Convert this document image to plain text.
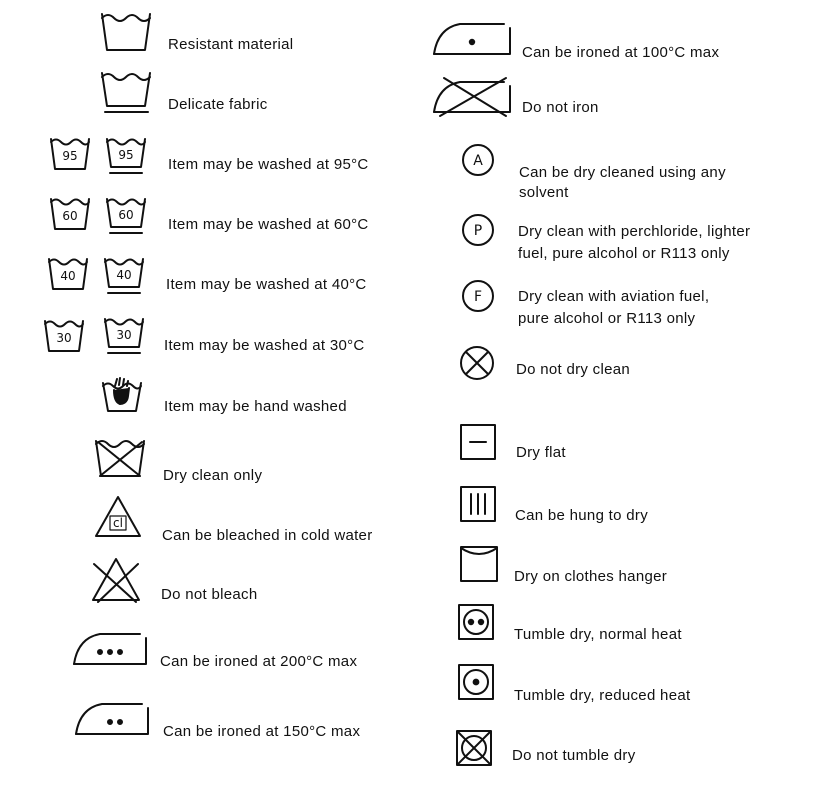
Resistant material
Delicate fabric
95	95
Item may be washed at 95°C
60	60
Item may be washed at 60°C
40	40
Item may be washed at 40°C
30	30
Item may be washed at 30°C
Item may be hand washed
Dry clean only
cl
Can be bleached in cold water
Do not bleach
Can be ironed at 200°C max
Can be ironed at 150°C max
Can be ironed at 100°C max
Do not iron
A
Can be dry cleaned using any
solvent
P Dry clean with perchloride, lighter
fuel, pure alcohol or R113 only
F Dry clean with aviation fuel,
pure alcohol or R113 only
Do not dry clean
Dry flat
Can be hung to dry
Dry on clothes hanger
Tumble dry, normal heat
Tumble dry, reduced heat
Do not tumble dry
